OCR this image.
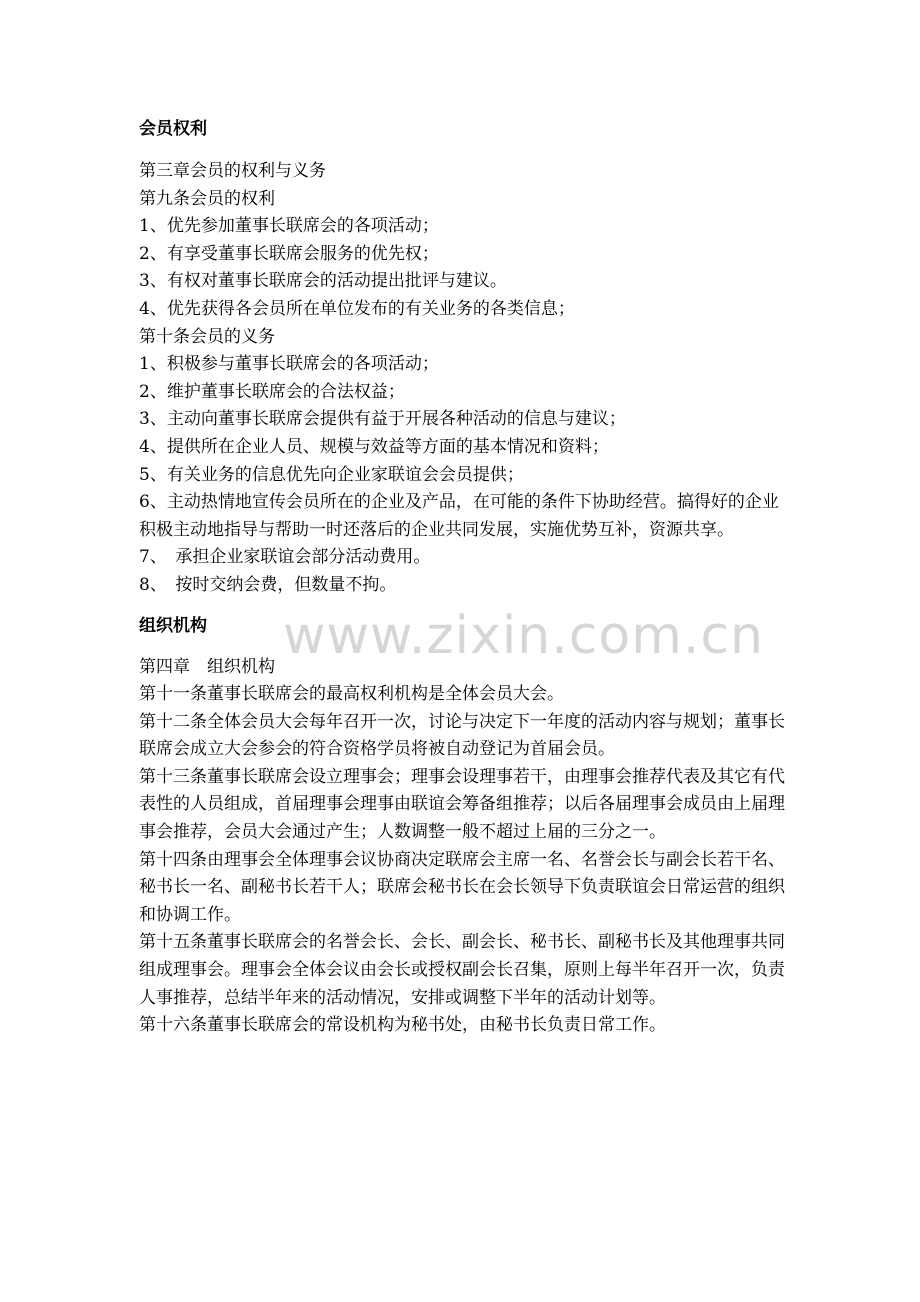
会员权利

第三章会员的权利与义务

第九条会员的权利

1、优先参加董事长联席会的各项活动；

2、有享受董事长联席会服务的优先权；

3、有权对董事长联席会的活动提出批评与建议。

4、优先获得各会员所在单位发布的有关业务的各类信息；

第十条会员的义务

1、积极参与董事长联席会的各项活动；

2、维护董事长联席会的合法权益；

3、主动向董事长联席会提供有益于开展各种活动的信息与建议；

4、提供所在企业人员、规模与效益等方面的基本情况和资料；

5、有关业务的信息优先向企业家联谊会会员提供；

6、主动热情地宣传会员所在的企业及产品，在可能的条件下协助经营。搞得好的企业积极主动地指导与帮助一时还落后的企业共同发展，实施优势互补，资源共享。

7、　承担企业家联谊会部分活动费用。

8、　按时交纳会费，但数量不拘。

组织机构

第四章　组织机构

第十一条董事长联席会的最高权利机构是全体会员大会。

第十二条全体会员大会每年召开一次，讨论与决定下一年度的活动内容与规划；董事长联席会成立大会参会的符合资格学员将被自动登记为首届会员。

第十三条董事长联席会设立理事会；理事会设理事若干，由理事会推荐代表及其它有代表性的人员组成，首届理事会理事由联谊会筹备组推荐；以后各届理事会成员由上届理事会推荐，会员大会通过产生；人数调整一般不超过上届的三分之一。

第十四条由理事会全体理事会议协商决定联席会主席一名、名誉会长与副会长若干名、秘书长一名、副秘书长若干人；联席会秘书长在会长领导下负责联谊会日常运营的组织和协调工作。

第十五条董事长联席会的名誉会长、会长、副会长、秘书长、副秘书长及其他理事共同组成理事会。理事会全体会议由会长或授权副会长召集，原则上每半年召开一次，负责人事推荐，总结半年来的活动情况，安排或调整下半年的活动计划等。

第十六条董事长联席会的常设机构为秘书处，由秘书长负责日常工作。

www.zixin.com.cn
